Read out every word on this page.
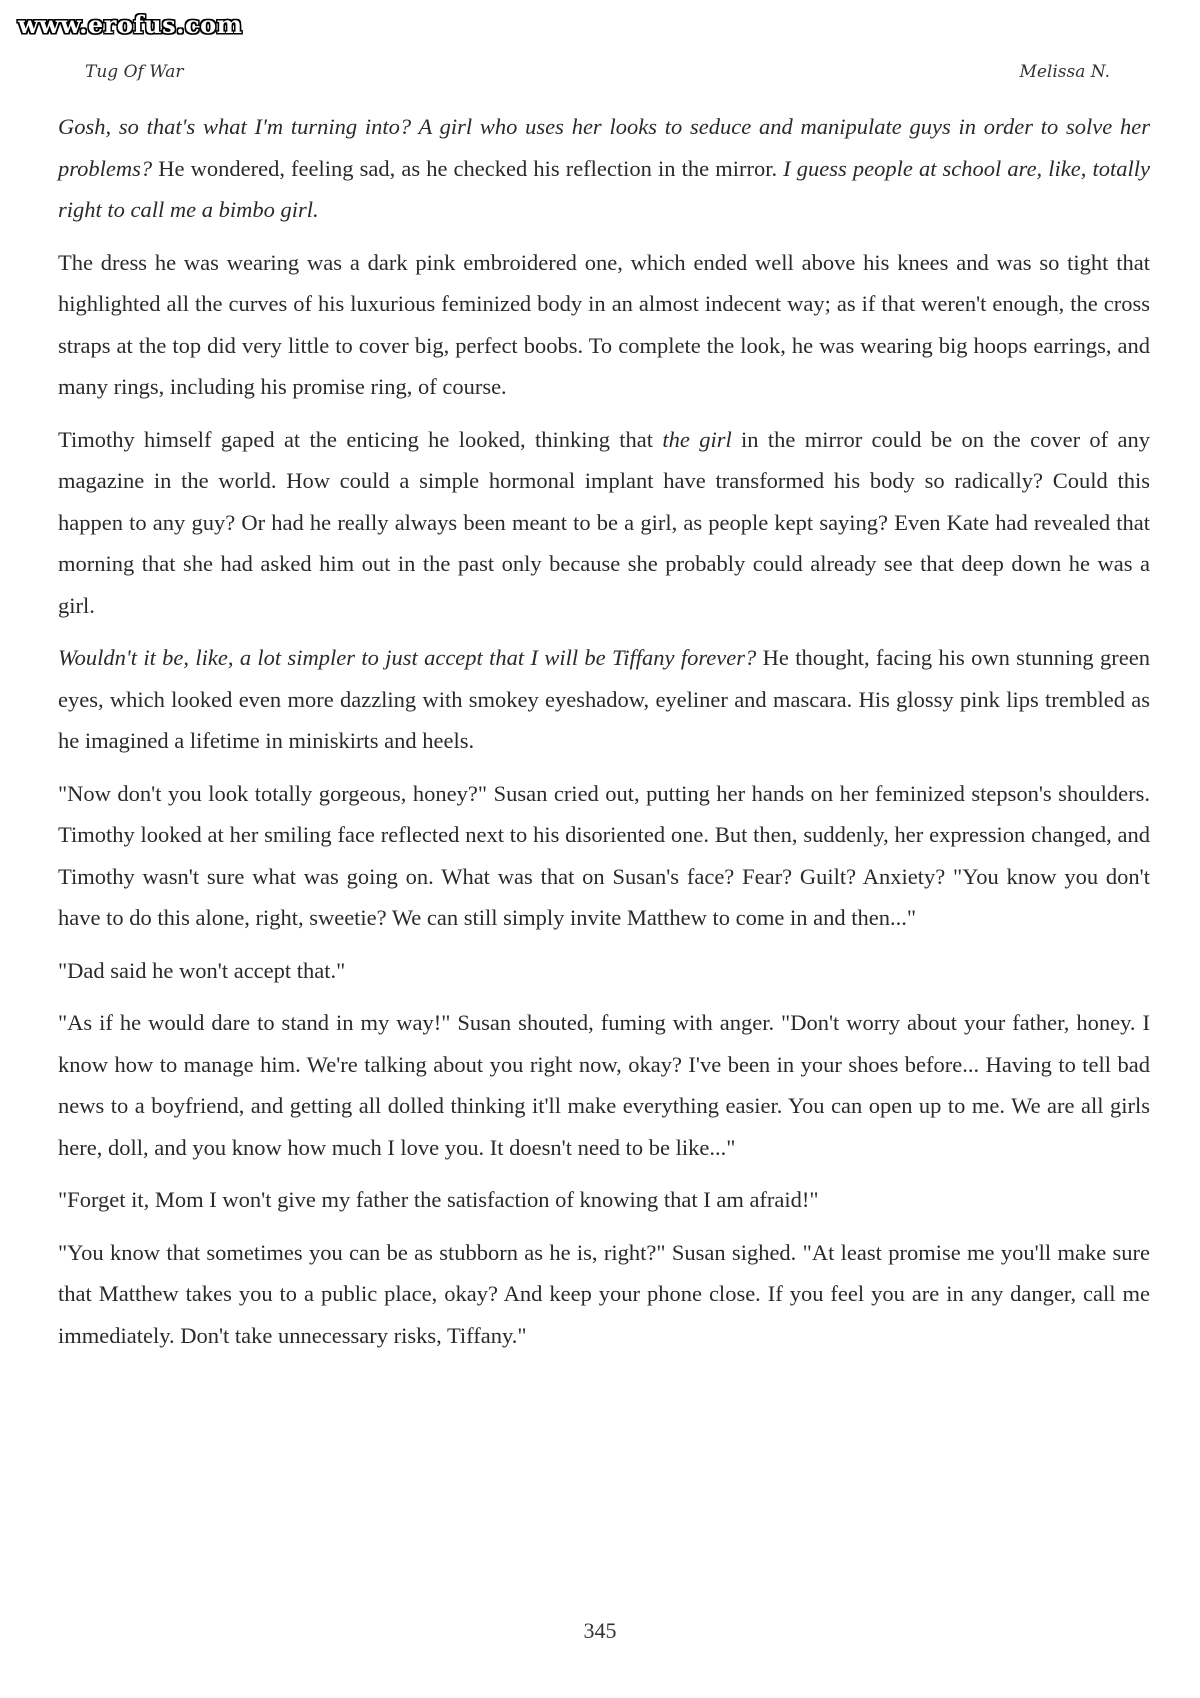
www.erofus.com
Tug Of War	Melissa N.

Gosh, so that's what I'm turning into? A girl who uses her looks to seduce and manipulate guys in order to solve her problems? He wondered, feeling sad, as he checked his reflection in the mirror. I guess people at school are, like, totally right to call me a bimbo girl.

The dress he was wearing was a dark pink embroidered one, which ended well above his knees and was so tight that highlighted all the curves of his luxurious feminized body in an almost indecent way; as if that weren't enough, the cross straps at the top did very little to cover big, perfect boobs. To complete the look, he was wearing big hoops earrings, and many rings, including his promise ring, of course.

Timothy himself gaped at the enticing he looked, thinking that the girl in the mirror could be on the cover of any magazine in the world. How could a simple hormonal implant have transformed his body so radically? Could this happen to any guy? Or had he really always been meant to be a girl, as people kept saying? Even Kate had revealed that morning that she had asked him out in the past only because she probably could already see that deep down he was a girl.

Wouldn't it be, like, a lot simpler to just accept that I will be Tiffany forever? He thought, facing his own stunning green eyes, which looked even more dazzling with smokey eyeshadow, eyeliner and mascara. His glossy pink lips trembled as he imagined a lifetime in miniskirts and heels.

"Now don't you look totally gorgeous, honey?" Susan cried out, putting her hands on her feminized stepson's shoulders. Timothy looked at her smiling face reflected next to his disoriented one. But then, suddenly, her expression changed, and Timothy wasn't sure what was going on. What was that on Susan's face? Fear? Guilt? Anxiety? "You know you don't have to do this alone, right, sweetie? We can still simply invite Matthew to come in and then..."

"Dad said he won't accept that."

"As if he would dare to stand in my way!" Susan shouted, fuming with anger. "Don't worry about your father, honey. I know how to manage him. We're talking about you right now, okay? I've been in your shoes before... Having to tell bad news to a boyfriend, and getting all dolled thinking it'll make everything easier. You can open up to me. We are all girls here, doll, and you know how much I love you. It doesn't need to be like..."

"Forget it, Mom I won't give my father the satisfaction of knowing that I am afraid!"

"You know that sometimes you can be as stubborn as he is, right?" Susan sighed. "At least promise me you'll make sure that Matthew takes you to a public place, okay? And keep your phone close. If you feel you are in any danger, call me immediately. Don't take unnecessary risks, Tiffany."

345
